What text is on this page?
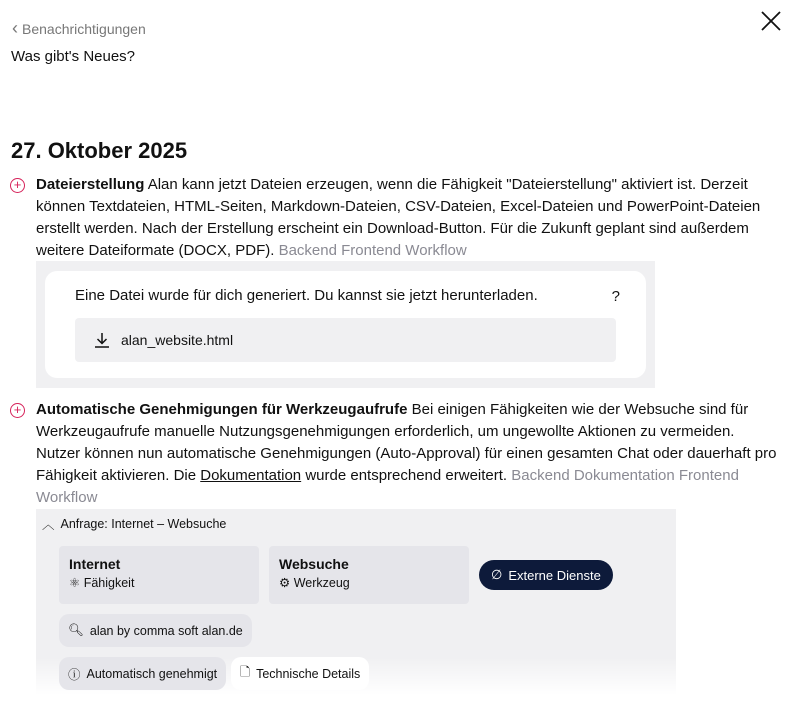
‹ Benachrichtigungen
Was gibt's Neues?
27. Oktober 2025
+ Dateierstellung Alan kann jetzt Dateien erzeugen, wenn die Fähigkeit "Dateierstellung" aktiviert ist. Derzeit können Textdateien, HTML-Seiten, Markdown-Dateien, CSV-Dateien, Excel-Dateien und PowerPoint-Dateien erstellt werden. Nach der Erstellung erscheint ein Download-Button. Für die Zukunft geplant sind außerdem weitere Dateiformate (DOCX, PDF). Backend Frontend Workflow
Eine Datei wurde für dich generiert. Du kannst sie jetzt herunterladen.	?
alan_website.html
+ Automatische Genehmigungen für Werkzeugaufrufe Bei einigen Fähigkeiten wie der Websuche sind für Werkzeugaufrufe manuelle Nutzungsgenehmigungen erforderlich, um ungewollte Aktionen zu vermeiden. Nutzer können nun automatische Genehmigungen (Auto-Approval) für einen gesamten Chat oder dauerhaft pro Fähigkeit aktivieren. Die Dokumentation wurde entsprechend erweitert. Backend Dokumentation Frontend Workflow
︿ Anfrage: Internet – Websuche
Internet
⚛ Fähigkeit
Websuche
⚙ Werkzeug
∅ Externe Dienste
🔍︎ alan by comma soft alan.de
ⓘ Automatisch genehmigt 🗋 Technische Details
